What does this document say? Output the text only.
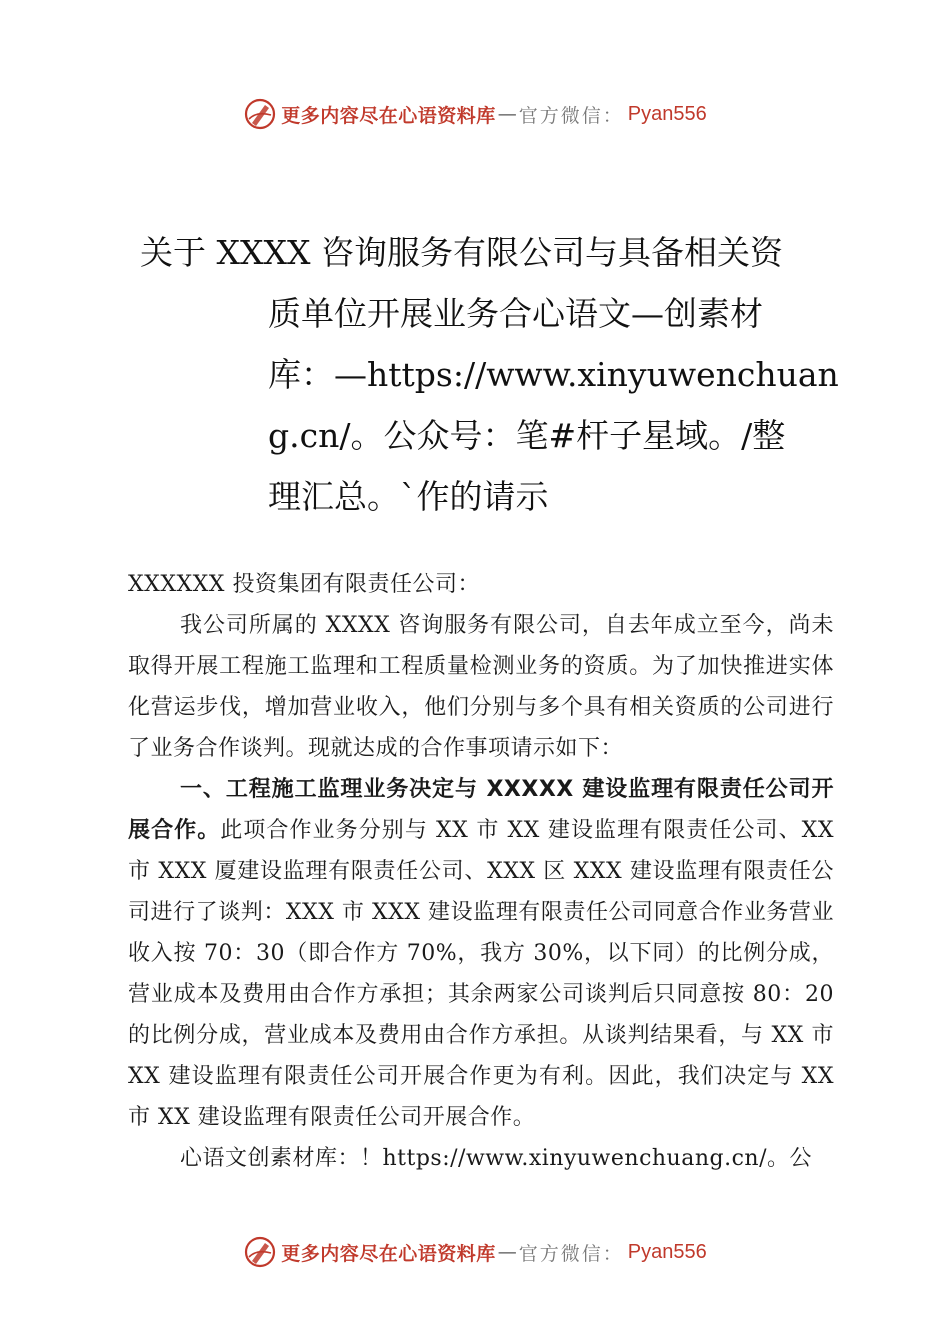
更多内容尽在心语资料库 — 官方微信： Pyan556
关于 XXXX 咨询服务有限公司与具备相关资
质单位开展业务合心语文—创素材
库：—https://www.xinyuwenchuan
g.cn/。公众号：笔#杆子星域。/整
理汇总。`作的请示

XXXXXX 投资集团有限责任公司：

我公司所属的 XXXX 咨询服务有限公司，自去年成立至今，尚未取得开展工程施工监理和工程质量检测业务的资质。为了加快推进实体化营运步伐，增加营业收入，他们分别与多个具有相关资质的公司进行了业务合作谈判。现就达成的合作事项请示如下：

一、工程施工监理业务决定与 XXXXX 建设监理有限责任公司开展合作。此项合作业务分别与 XX 市 XX 建设监理有限责任公司、XX 市 XXX 厦建设监理有限责任公司、XXX 区 XXX 建设监理有限责任公司进行了谈判：XXX 市 XXX 建设监理有限责任公司同意合作业务营业收入按 70：30（即合作方 70%，我方 30%，以下同）的比例分成，营业成本及费用由合作方承担；其余两家公司谈判后只同意按 80：20 的比例分成，营业成本及费用由合作方承担。从谈判结果看，与 XX 市 XX 建设监理有限责任公司开展合作更为有利。因此，我们决定与 XX 市 XX 建设监理有限责任公司开展合作。

心语文创素材库：！https://www.xinyuwenchuang.cn/。公

更多内容尽在心语资料库 — 官方微信： Pyan556
